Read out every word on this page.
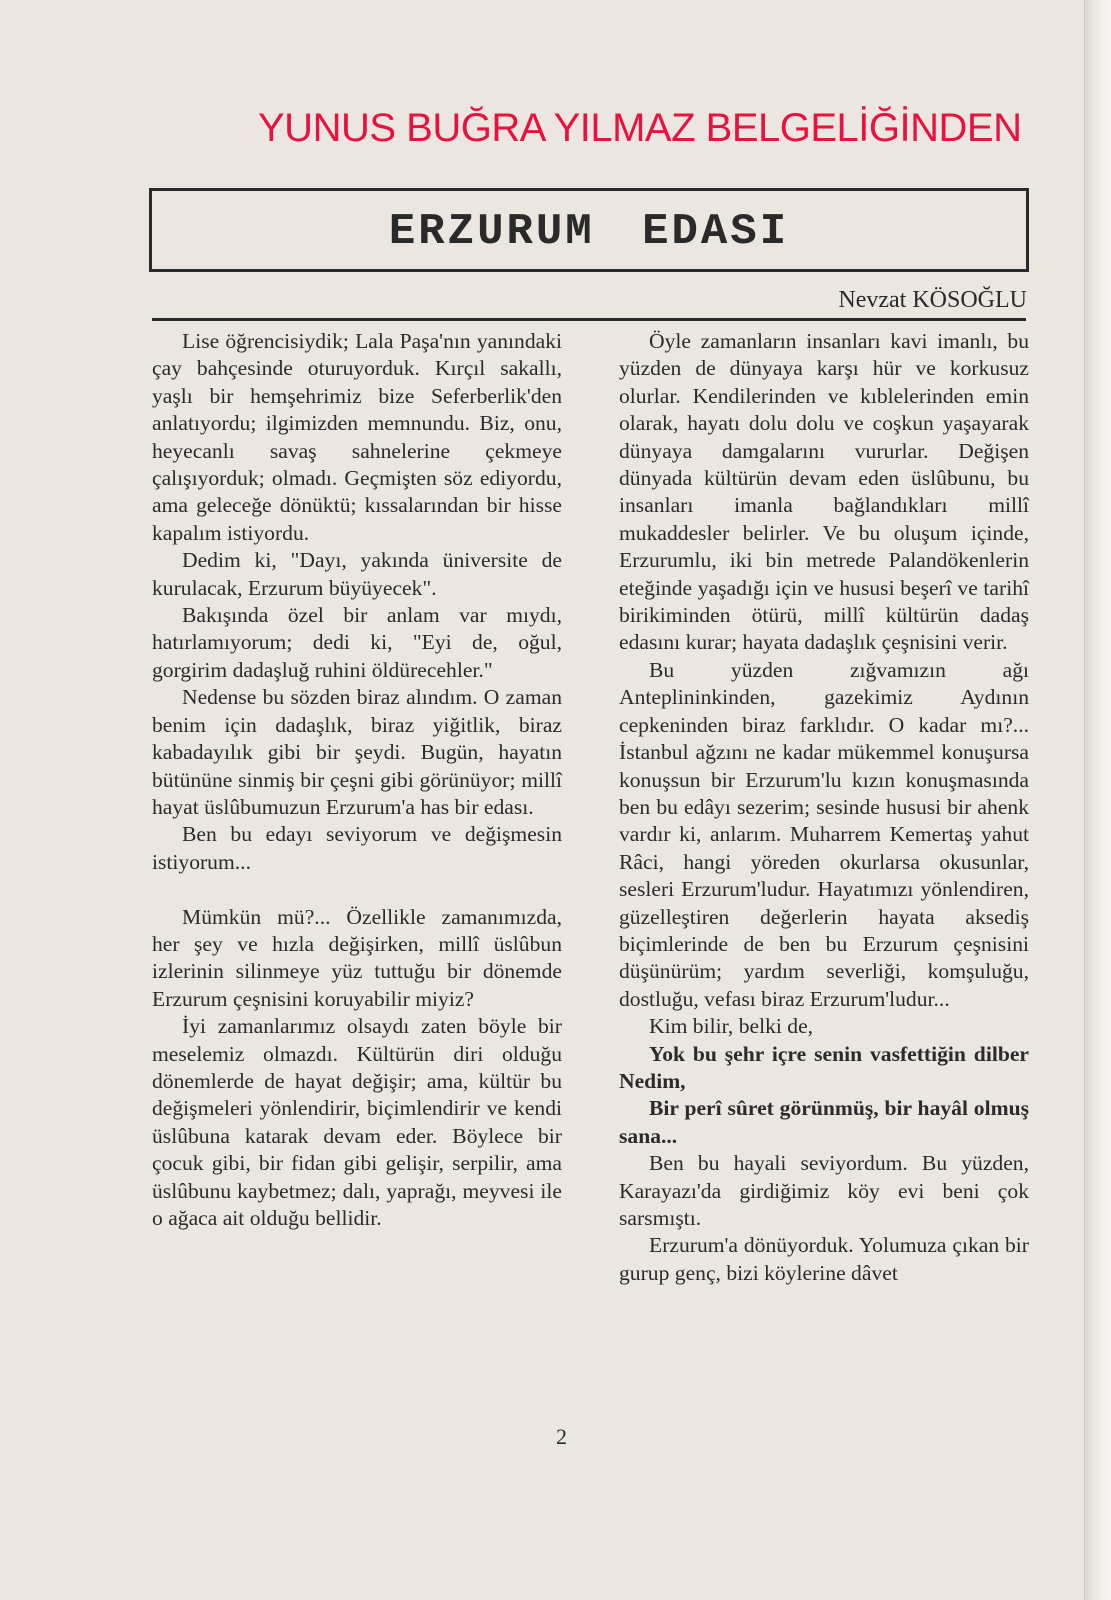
YUNUS BUĞRA YILMAZ BELGELİĞİNDEN
ERZURUM EDASI
Nevzat KÖSOĞLU

Lise öğrencisiydik; Lala Paşa'nın yanındaki çay bahçesinde oturuyorduk. Kırçıl sakallı, yaşlı bir hemşehrimiz bize Seferberlik'den anlatıyordu; ilgimizden memnundu. Biz, onu, heyecanlı savaş sahnelerine çekmeye çalışıyorduk; olmadı. Geçmişten söz ediyordu, ama geleceğe dönüktü; kıssalarından bir hisse kapalım istiyordu.

Dedim ki, "Dayı, yakında üniversite de kurulacak, Erzurum büyüyecek".

Bakışında özel bir anlam var mıydı, hatırlamıyorum; dedi ki, "Eyi de, oğul, gorgirim dadaşluğ ruhini öldürecehler."

Nedense bu sözden biraz alındım. O zaman benim için dadaşlık, biraz yiğitlik, biraz kabadayılık gibi bir şeydi. Bugün, hayatın bütününe sinmiş bir çeşni gibi görünüyor; millî hayat üslûbumuzun Erzurum'a has bir edası.

Ben bu edayı seviyorum ve değişmesin istiyorum...

Mümkün mü?... Özellikle zamanımızda, her şey ve hızla değişirken, millî üslûbun izlerinin silinmeye yüz tuttuğu bir dönemde Erzurum çeşnisini koruyabilir miyiz?

İyi zamanlarımız olsaydı zaten böyle bir meselemiz olmazdı. Kültürün diri olduğu dönemlerde de hayat değişir; ama, kültür bu değişmeleri yönlendirir, biçimlendirir ve kendi üslûbuna katarak devam eder. Böylece bir çocuk gibi, bir fidan gibi gelişir, serpilir, ama üslûbunu kaybetmez; dalı, yaprağı, meyvesi ile o ağaca ait olduğu bellidir.

Öyle zamanların insanları kavi imanlı, bu yüzden de dünyaya karşı hür ve korkusuz olurlar. Kendilerinden ve kıblelerinden emin olarak, hayatı dolu dolu ve coşkun yaşayarak dünyaya damgalarını vururlar. Değişen dünyada kültürün devam eden üslûbunu, bu insanları imanla bağlandıkları millî mukaddesler belirler. Ve bu oluşum içinde, Erzurumlu, iki bin metrede Palandökenlerin eteğinde yaşadığı için ve hususi beşerî ve tarihî birikiminden ötürü, millî kültürün dadaş edasını kurar; hayata dadaşlık çeşnisini verir.

Bu yüzden zığvamızın ağı Anteplininkinden, gazekimiz Aydının cepkeninden biraz farklıdır. O kadar mı?... İstanbul ağzını ne kadar mükemmel konuşursa konuşsun bir Erzurum'lu kızın konuşmasında ben bu edâyı sezerim; sesinde hususi bir ahenk vardır ki, anlarım. Muharrem Kemertaş yahut Râci, hangi yöreden okurlarsa okusunlar, sesleri Erzurum'ludur. Hayatımızı yönlendiren, güzelleştiren değerlerin hayata aksediş biçimlerinde de ben bu Erzurum çeşnisini düşünürüm; yardım severliği, komşuluğu, dostluğu, vefası biraz Erzurum'ludur...

Kim bilir, belki de,

Yok bu şehr içre senin vasfettiğin dilber Nedim,

Bir perî sûret görünmüş, bir hayâl olmuş sana...

Ben bu hayali seviyordum. Bu yüzden, Karayazı'da girdiğimiz köy evi beni çok sarsmıştı.

Erzurum'a dönüyorduk. Yolumuza çıkan bir gurup genç, bizi köylerine dâvet

2
